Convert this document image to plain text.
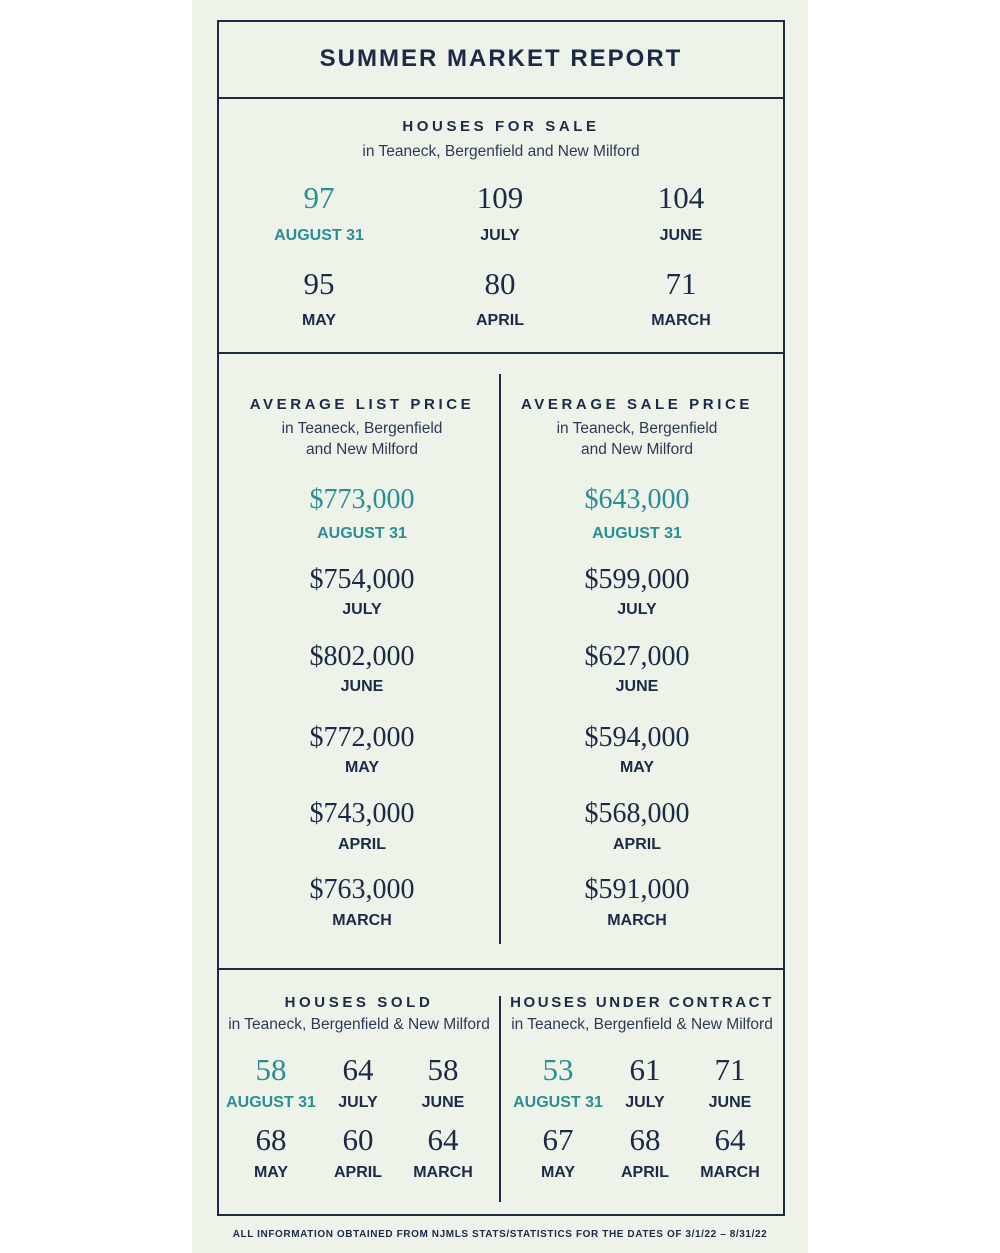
SUMMER MARKET REPORT
HOUSES FOR SALE
in Teaneck, Bergenfield and New Milford
97
AUGUST 31
109
JULY
104
JUNE
95
MAY
80
APRIL
71
MARCH
AVERAGE LIST PRICE
in Teaneck, Bergenfield
and New Milford
$773,000
AUGUST 31
$754,000
JULY
$802,000
JUNE
$772,000
MAY
$743,000
APRIL
$763,000
MARCH
AVERAGE SALE PRICE
in Teaneck, Bergenfield
and New Milford
$643,000
AUGUST 31
$599,000
JULY
$627,000
JUNE
$594,000
MAY
$568,000
APRIL
$591,000
MARCH
HOUSES SOLD
in Teaneck, Bergenfield & New Milford
58
AUGUST 31
64
JULY
58
JUNE
68
MAY
60
APRIL
64
MARCH
HOUSES UNDER CONTRACT
in Teaneck, Bergenfield & New Milford
53
AUGUST 31
61
JULY
71
JUNE
67
MAY
68
APRIL
64
MARCH
ALL INFORMATION OBTAINED FROM NJMLS STATS/STATISTICS FOR THE DATES OF 3/1/22 – 8/31/22
